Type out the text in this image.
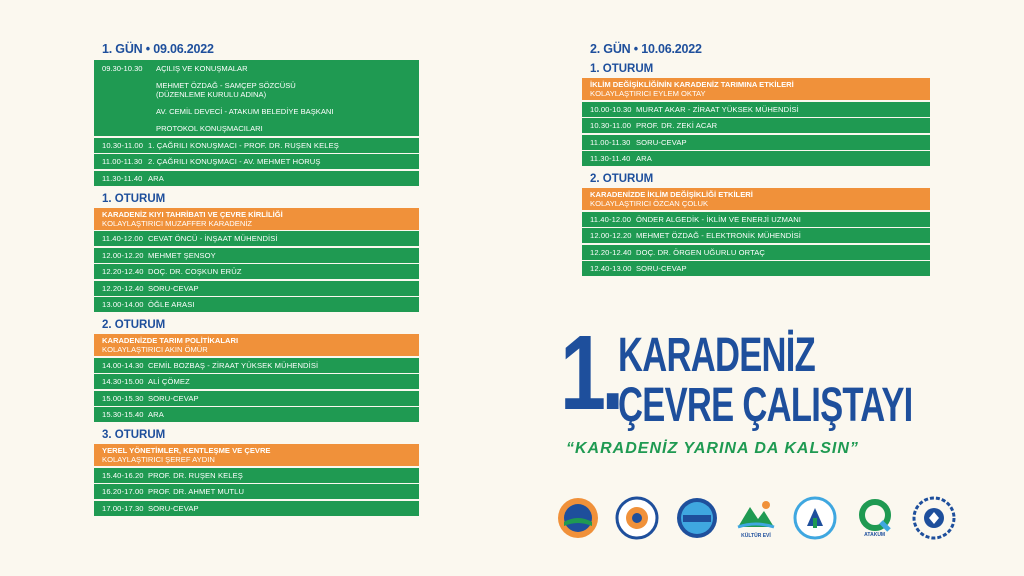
1. GÜN • 09.06.2022
09.30-10.30	AÇILIŞ VE KONUŞMALAR
MEHMET ÖZDAĞ - SAMÇEP SÖZCÜSÜ
(DÜZENLEME KURULU ADINA)
AV. CEMİL DEVECİ - ATAKUM BELEDİYE BAŞKANI
PROTOKOL KONUŞMACILARI
10.30-11.00 1. ÇAĞRILI KONUŞMACI - PROF. DR. RUŞEN KELEŞ
11.00-11.30 2. ÇAĞRILI KONUŞMACI - AV. MEHMET HORUŞ
11.30-11.40 ARA
1. OTURUM
KARADENİZ KIYI TAHRİBATI VE ÇEVRE KİRLİLİĞİ
KOLAYLAŞTIRICI MUZAFFER KARADENİZ
11.40-12.00 CEVAT ÖNCÜ - İNŞAAT MÜHENDİSİ
12.00-12.20 MEHMET ŞENSOY
12.20-12.40 DOÇ. DR. COŞKUN ERÜZ
12.20-12.40 SORU-CEVAP
13.00-14.00 ÖĞLE ARASI
2. OTURUM
KARADENİZDE TARIM POLİTİKALARI
KOLAYLAŞTIRICI AKIN ÖMÜR
14.00-14.30 CEMİL BOZBAŞ - ZİRAAT YÜKSEK MÜHENDİSİ
14.30-15.00 ALİ ÇÖMEZ
15.00-15.30 SORU-CEVAP
15.30-15.40 ARA
3. OTURUM
YEREL YÖNETİMLER, KENTLEŞME VE ÇEVRE
KOLAYLAŞTIRICI ŞEREF AYDIN
15.40-16.20 PROF. DR. RUŞEN KELEŞ
16.20-17.00 PROF. DR. AHMET MUTLU
17.00-17.30 SORU-CEVAP
2. GÜN • 10.06.2022
1. OTURUM
İKLİM DEĞİŞİKLİĞİNİN KARADENİZ TARIMINA ETKİLERİ
KOLAYLAŞTIRICI EYLEM OKTAY
10.00-10.30 MURAT AKAR - ZİRAAT YÜKSEK MÜHENDİSİ
10.30-11.00 PROF. DR. ZEKİ ACAR
11.00-11.30 SORU-CEVAP
11.30-11.40 ARA
2. OTURUM
KARADENİZDE İKLİM DEĞİŞİKLİĞİ ETKİLERİ
KOLAYLAŞTIRICI ÖZCAN ÇOLUK
11.40-12.00 ÖNDER ALGEDİK - İKLİM VE ENERJİ UZMANI
12.00-12.20 MEHMET ÖZDAĞ - ELEKTRONİK MÜHENDİSİ
12.20-12.40 DOÇ. DR. ÖRGEN UĞURLU ORTAÇ
12.40-13.00 SORU-CEVAP
1.
KARADENİZ
ÇEVRE ÇALIŞTAYI
“KARADENİZ YARINA DA KALSIN”
KÜLTÜR EVİ	ATAKUM
